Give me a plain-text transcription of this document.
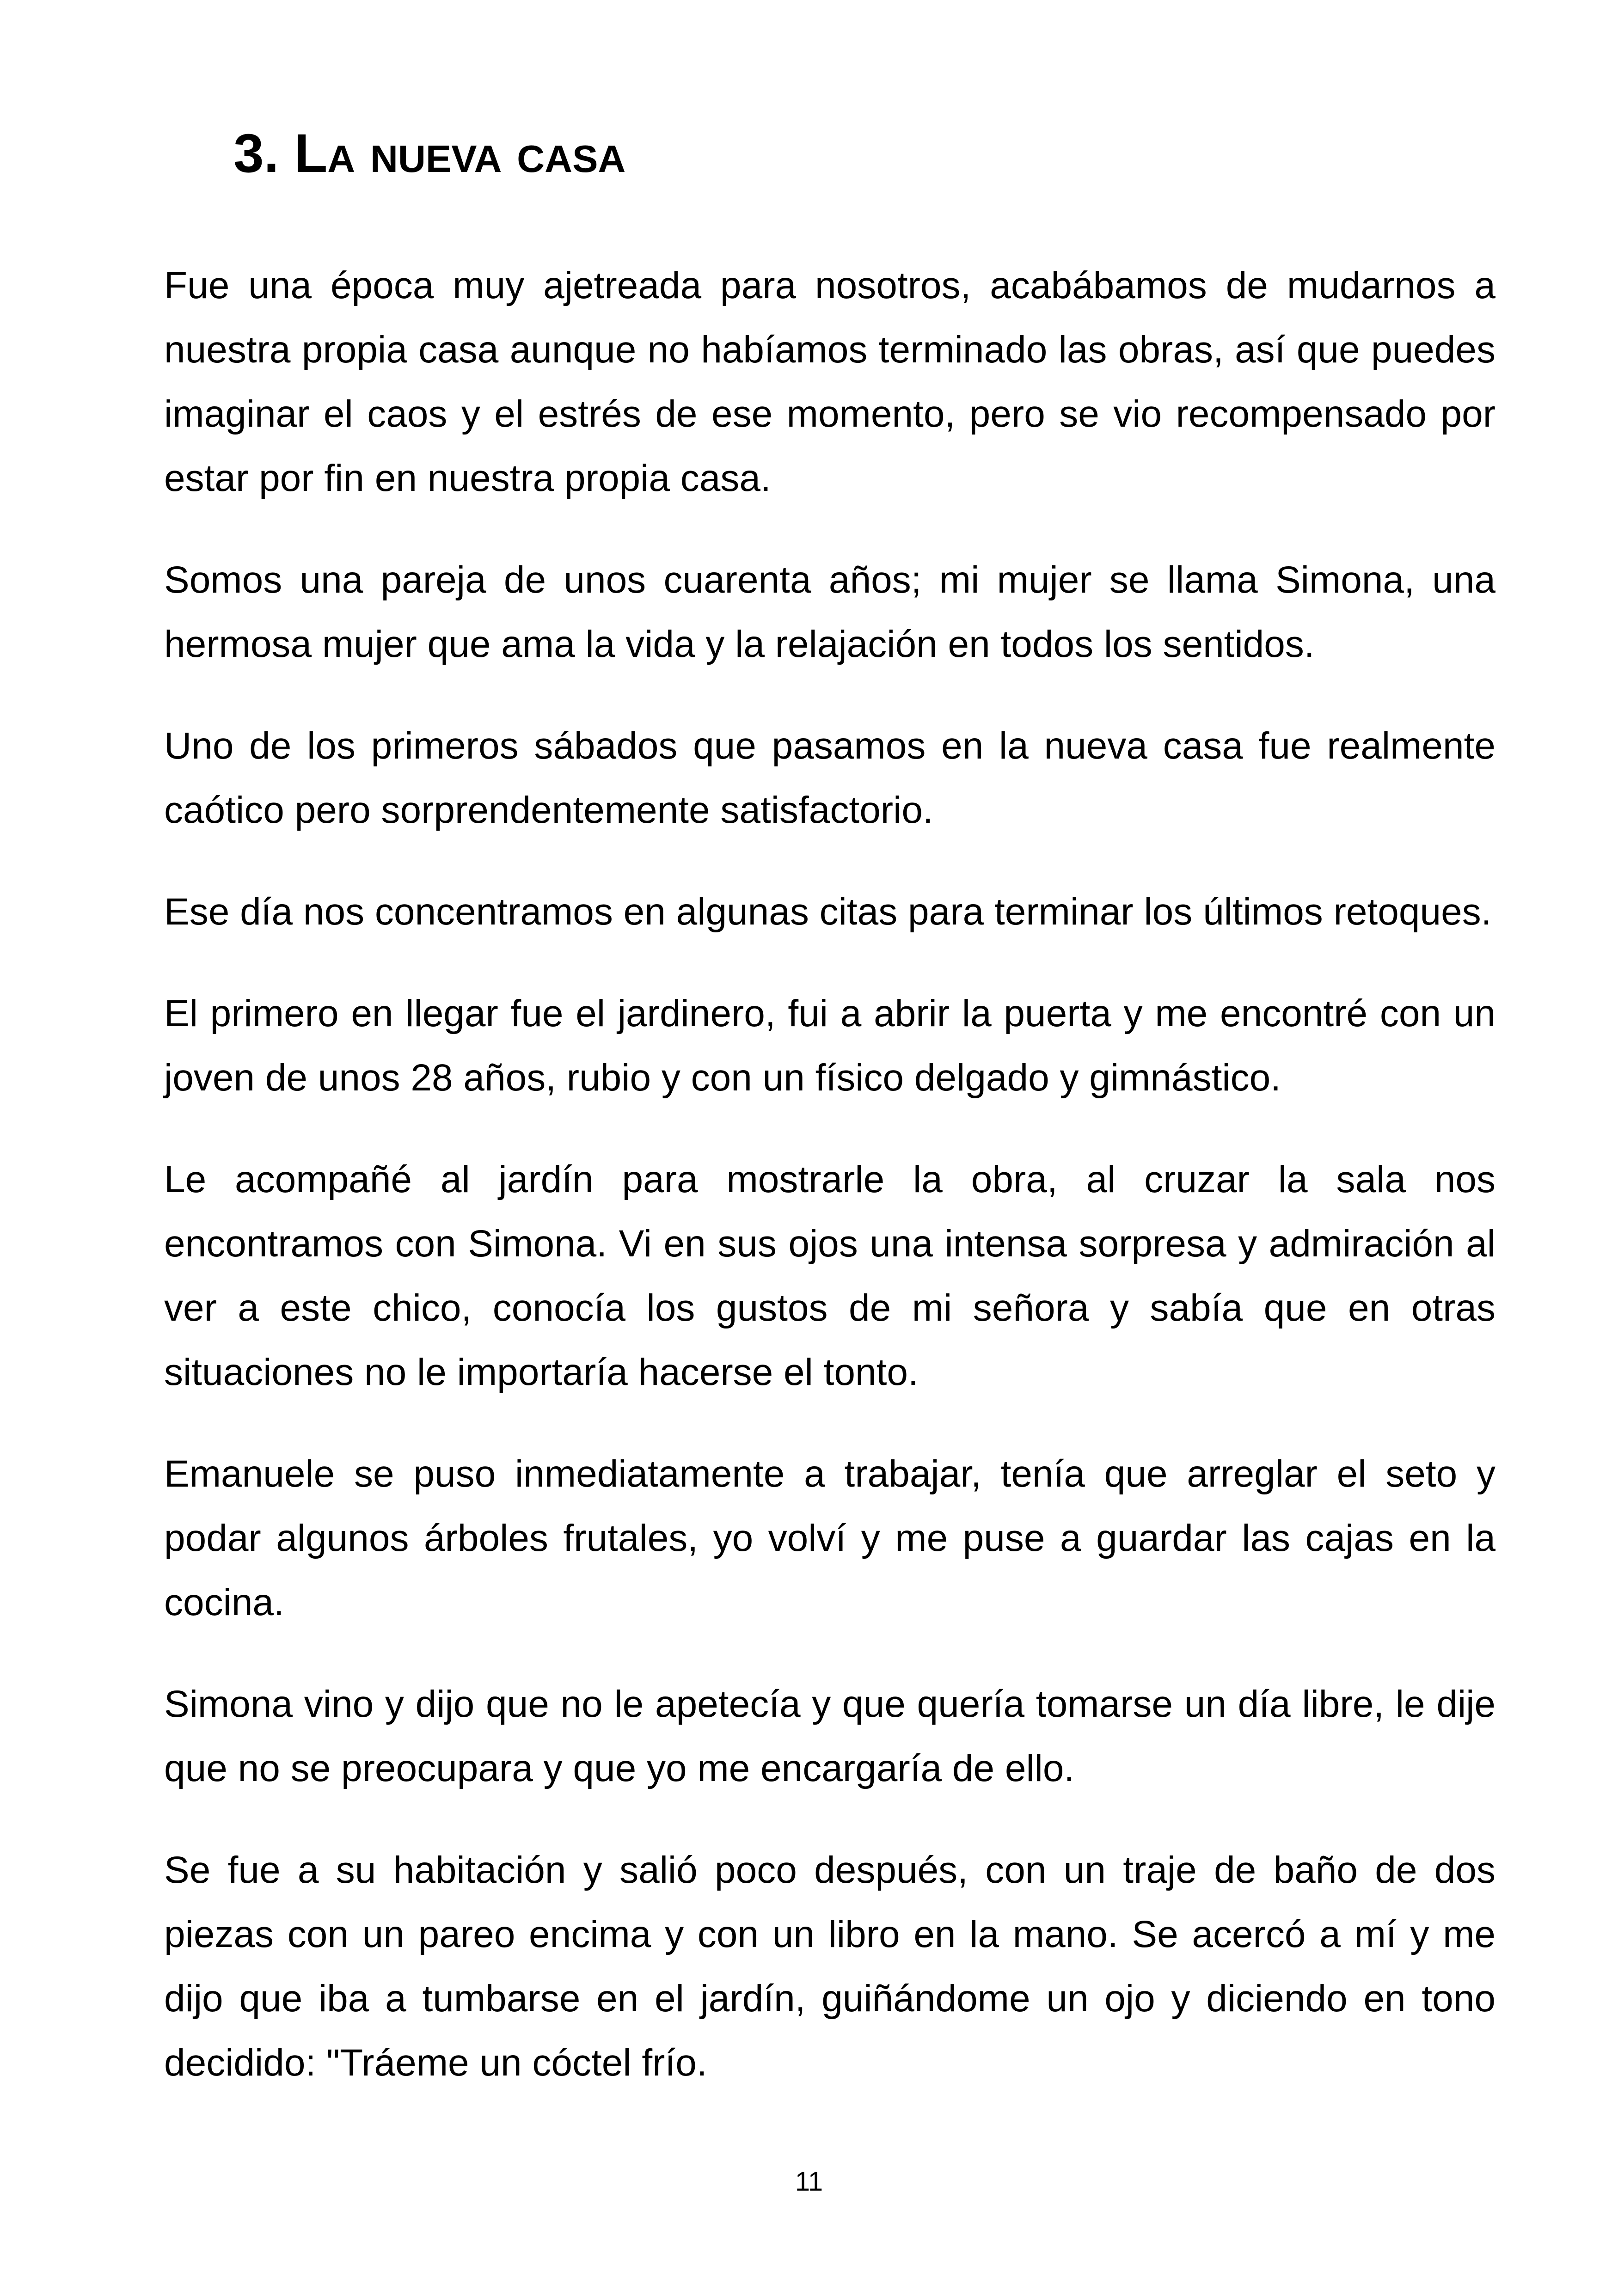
3. La nueva casa

Fue una época muy ajetreada para nosotros, acabábamos de mudarnos a nuestra propia casa aunque no habíamos terminado las obras, así que puedes imaginar el caos y el estrés de ese momento, pero se vio recompensado por estar por fin en nuestra propia casa.

Somos una pareja de unos cuarenta años; mi mujer se llama Simona, una hermosa mujer que ama la vida y la relajación en todos los sentidos.

Uno de los primeros sábados que pasamos en la nueva casa fue realmente caótico pero sorprendentemente satisfactorio.

Ese día nos concentramos en algunas citas para terminar los últimos retoques.

El primero en llegar fue el jardinero, fui a abrir la puerta y me encontré con un joven de unos 28 años, rubio y con un físico delgado y gimnástico.

Le acompañé al jardín para mostrarle la obra, al cruzar la sala nos encontramos con Simona. Vi en sus ojos una intensa sorpresa y admiración al ver a este chico, conocía los gustos de mi señora y sabía que en otras situaciones no le importaría hacerse el tonto.

Emanuele se puso inmediatamente a trabajar, tenía que arreglar el seto y podar algunos árboles frutales, yo volví y me puse a guardar las cajas en la cocina.

Simona vino y dijo que no le apetecía y que quería tomarse un día libre, le dije que no se preocupara y que yo me encargaría de ello.

Se fue a su habitación y salió poco después, con un traje de baño de dos piezas con un pareo encima y con un libro en la mano. Se acercó a mí y me dijo que iba a tumbarse en el jardín, guiñándome un ojo y diciendo en tono decidido: "Tráeme un cóctel frío.

11
